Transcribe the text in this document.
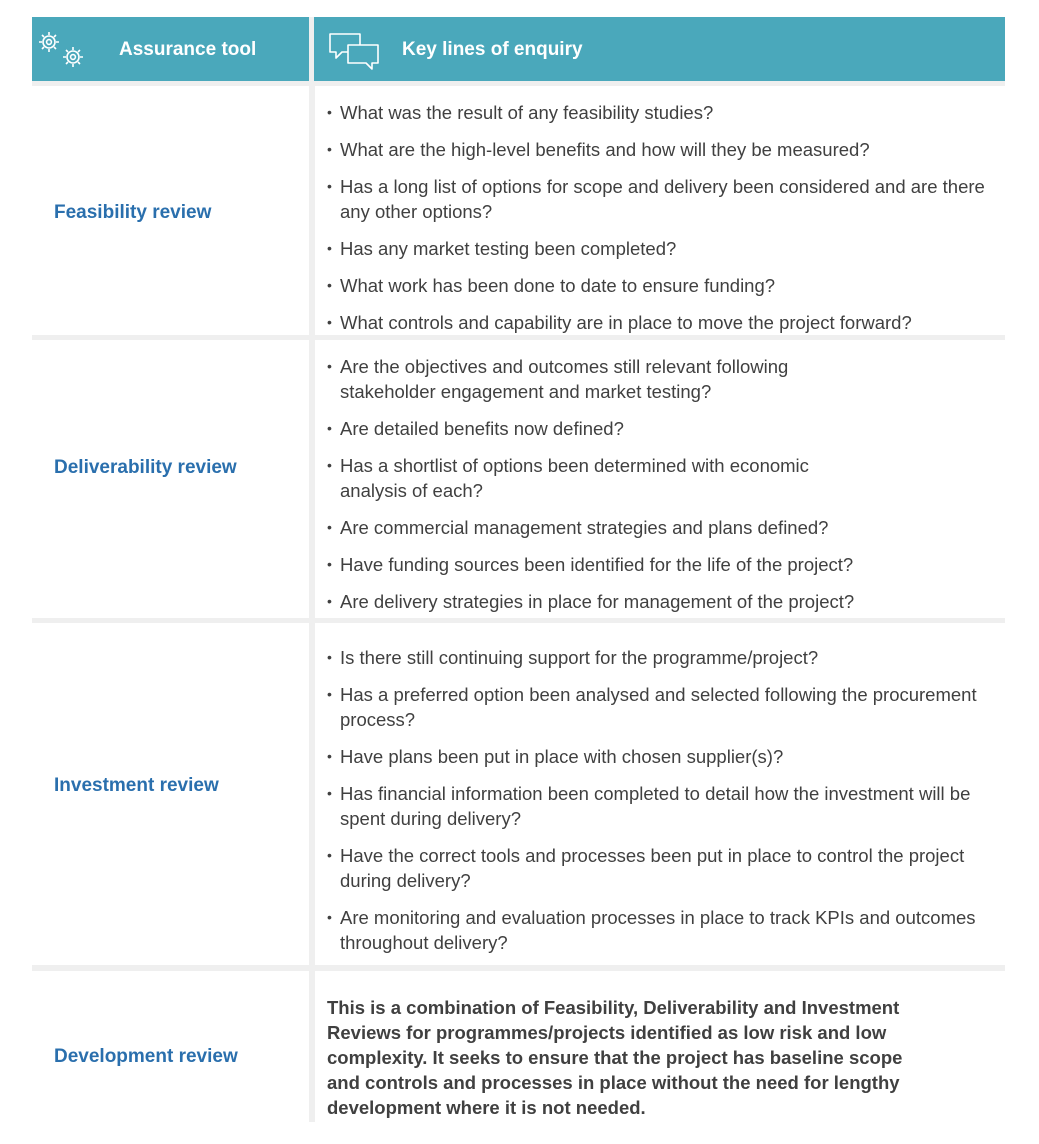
Assurance tool	Key lines of enquiry
Feasibility review
• What was the result of any feasibility studies?
• What are the high-level benefits and how will they be measured?
• Has a long list of options for scope and delivery been considered and are there any other options?
• Has any market testing been completed?
• What work has been done to date to ensure funding?
• What controls and capability are in place to move the project forward?
Deliverability review
• Are the objectives and outcomes still relevant following stakeholder engagement and market testing?
• Are detailed benefits now defined?
• Has a shortlist of options been determined with economic analysis of each?
• Are commercial management strategies and plans defined?
• Have funding sources been identified for the life of the project?
• Are delivery strategies in place for management of the project?
Investment review
• Is there still continuing support for the programme/project?
• Has a preferred option been analysed and selected following the procurement process?
• Have plans been put in place with chosen supplier(s)?
• Has financial information been completed to detail how the investment will be spent during delivery?
• Have the correct tools and processes been put in place to control the project during delivery?
• Are monitoring and evaluation processes in place to track KPIs and outcomes throughout delivery?
Development review
This is a combination of Feasibility, Deliverability and Investment Reviews for programmes/projects identified as low risk and low complexity. It seeks to ensure that the project has baseline scope and controls and processes in place without the need for lengthy development where it is not needed.
